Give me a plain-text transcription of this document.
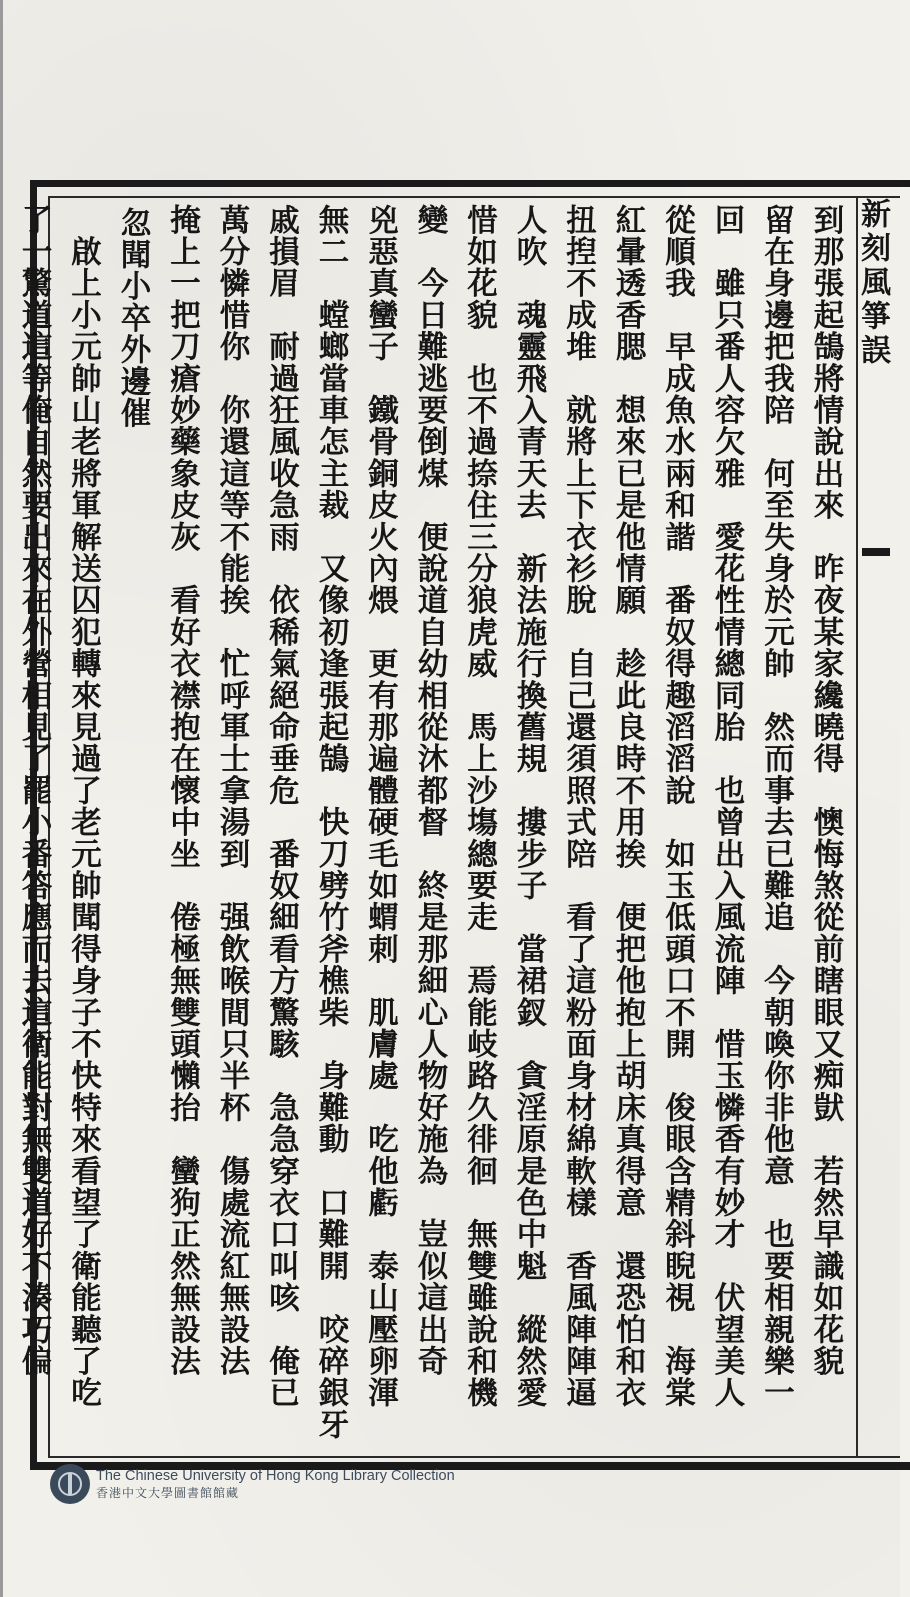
新刻風箏誤
到那張起鵠將情說出來　昨夜某家纔曉得　懊悔煞從前瞎眼又痴獃　若然早識如花貌
留在身邊把我陪　何至失身於元帥　然而事去已難追　今朝喚你非他意　也要相親樂一
回　雖只番人容欠雅　愛花性情總同胎　也曾出入風流陣　惜玉憐香有妙才　伏望美人
從順我　早成魚水兩和諧　番奴得趣滔滔說　如玉低頭口不開　俊眼含精斜睨視　海棠
紅暈透香腮　想來已是他情願　趁此良時不用挨　便把他抱上胡床真得意　還恐怕和衣
扭揑不成堆　就將上下衣衫脫　自己還須照式陪　看了這粉面身材綿軟樣　香風陣陣逼
人吹　魂靈飛入青天去　新法施行換舊規　摟步子　當裙釵　貪淫原是色中魁　縱然愛
惜如花貌　也不過捺住三分狼虎威　馬上沙塲總要走　焉能岐路久徘徊　無雙雖說和機
變　今日難逃要倒煤　便說道自幼相從沐都督　終是那細心人物好施為　豈似這出奇
兇惡真蠻子　鐵骨銅皮火內煨　更有那遍體硬毛如蝟刺　肌膚處　吃他虧　泰山壓卵渾
無二　螳螂當車怎主裁　又像初逢張起鵠　快刀劈竹斧樵柴　身難動　口難開　咬碎銀牙
戚損眉　耐過狂風收急雨　依稀氣絕命垂危　番奴細看方驚駭　急急穿衣口叫咳　俺已
萬分憐惜你　你還這等不能挨　忙呼軍士拿湯到　强飲喉間只半杯　傷處流紅無設法
掩上一把刀瘡妙藥象皮灰　看好衣襟抱在懷中坐　倦極無雙頭懶抬　蠻狗正然無設法
忽聞小卒外邊催
　啟上小元帥山老將軍解送囚犯轉來見過了老元帥聞得身子不快特來看望了衛能聽了吃
了一驚道這等俺自然要出來在外營相見了罷小番答應而去這衛能對無雙道好不湊巧偏
The Chinese University of Hong Kong Library Collection
香港中文大學圖書館館藏
